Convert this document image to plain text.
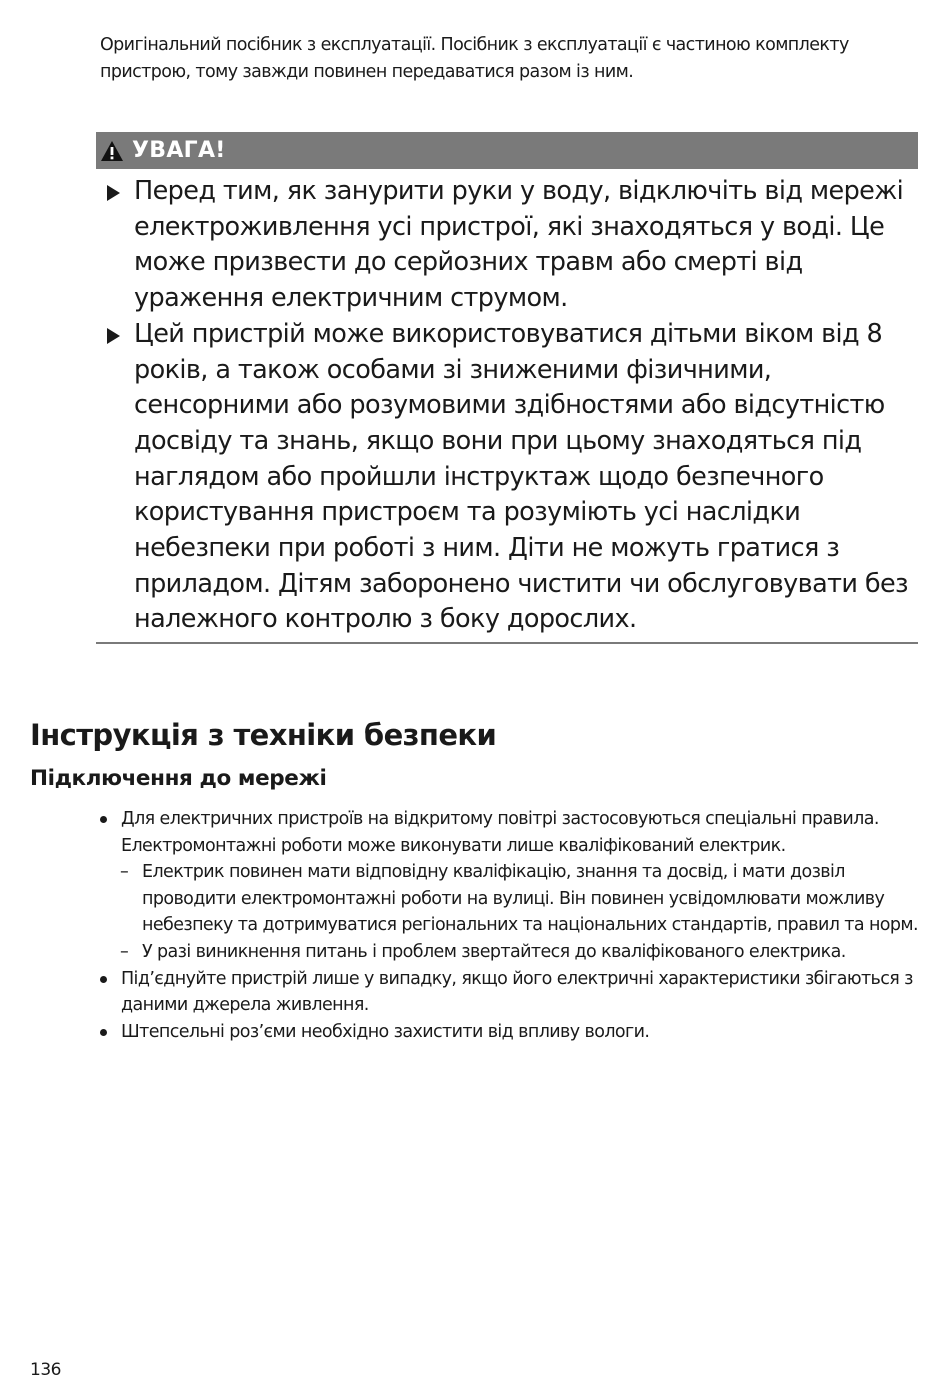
Оригінальний посібник з експлуатації. Посібник з експлуатації є частиною комплекту пристрою, тому завжди повинен передаватися разом із ним.
УВАГА!
Перед тим, як занурити руки у воду, відключіть від мережі електроживлення усі пристрої, які знаходяться у воді. Це може призвести до серйозних травм або смерті від ураження електричним струмом.
Цей пристрій може використовуватися дітьми віком від 8 років, а також особами зі зниженими фізичними, сенсорними або розумовими здібностями або відсутністю досвіду та знань, якщо вони при цьому знаходяться під наглядом або пройшли інструктаж щодо безпечного користування пристроєм та розуміють усі наслідки небезпеки при роботі з ним. Діти не можуть гратися з приладом. Дітям заборонено чистити чи обслуговувати без належного контролю з боку дорослих.
Інструкція з техніки безпеки
Підключення до мережі
Для електричних пристроїв на відкритому повітрі застосовуються спеціальні правила. Електромонтажні роботи може виконувати лише кваліфікований електрик.
– Електрик повинен мати відповідну кваліфікацію, знання та досвід, і мати дозвіл проводити електромонтажні роботи на вулиці. Він повинен усвідомлювати можливу небезпеку та дотримуватися регіональних та національних стандартів, правил та норм.
– У разі виникнення питань і проблем звертайтеся до кваліфікованого електрика.
Під’єднуйте пристрій лише у випадку, якщо його електричні характеристики збігаються з даними джерела живлення.
Штепсельні роз’єми необхідно захистити від впливу вологи.
136
